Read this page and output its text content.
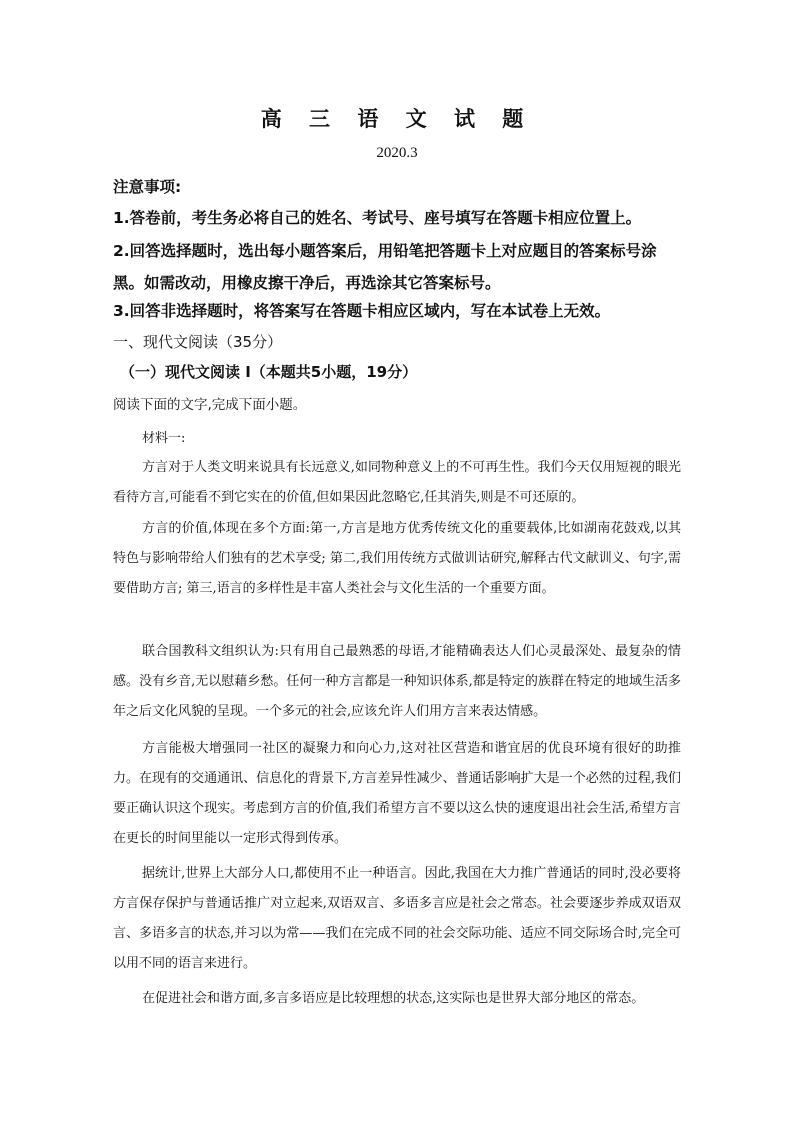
高 三 语 文 试 题
2020.3
注意事项:
1.答卷前，考生务必将自己的姓名、考试号、座号填写在答题卡相应位置上。
2.回答选择题时，选出每小题答案后，用铅笔把答题卡上对应题目的答案标号涂黑。如需改动，用橡皮擦干净后，再选涂其它答案标号。
3.回答非选择题时，将答案写在答题卡相应区域内，写在本试卷上无效。
一、现代文阅读（35分）
（一）现代文阅读 I（本题共5小题，19分）
阅读下面的文字,完成下面小题。
材料一:
方言对于人类文明来说具有长远意义,如同物种意义上的不可再生性。我们今天仅用短视的眼光看待方言,可能看不到它实在的价值,但如果因此忽略它,任其消失,则是不可还原的。
方言的价值,体现在多个方面:第一,方言是地方优秀传统文化的重要载体,比如湖南花鼓戏,以其特色与影响带给人们独有的艺术享受; 第二,我们用传统方式做训诂研究,解释古代文献训义、句字,需要借助方言; 第三,语言的多样性是丰富人类社会与文化生活的一个重要方面。
联合国教科文组织认为:只有用自己最熟悉的母语,才能精确表达人们心灵最深处、最复杂的情感。没有乡音,无以慰藉乡愁。任何一种方言都是一种知识体系,都是特定的族群在特定的地域生活多年之后文化风貌的呈现。一个多元的社会,应该允许人们用方言来表达情感。
方言能极大增强同一社区的凝聚力和向心力,这对社区营造和谐宜居的优良环境有很好的助推力。在现有的交通通讯、信息化的背景下,方言差异性减少、普通话影响扩大是一个必然的过程,我们要正确认识这个现实。考虑到方言的价值,我们希望方言不要以这么快的速度退出社会生活,希望方言在更长的时间里能以一定形式得到传承。
据统计,世界上大部分人口,都使用不止一种语言。因此,我国在大力推广普通话的同时,没必要将方言保存保护与普通话推广对立起来,双语双言、多语多言应是社会之常态。社会要逐步养成双语双言、多语多言的状态,并习以为常——我们在完成不同的社会交际功能、适应不同交际场合时,完全可以用不同的语言来进行。
在促进社会和谐方面,多言多语应是比较理想的状态,这实际也是世界大部分地区的常态。
